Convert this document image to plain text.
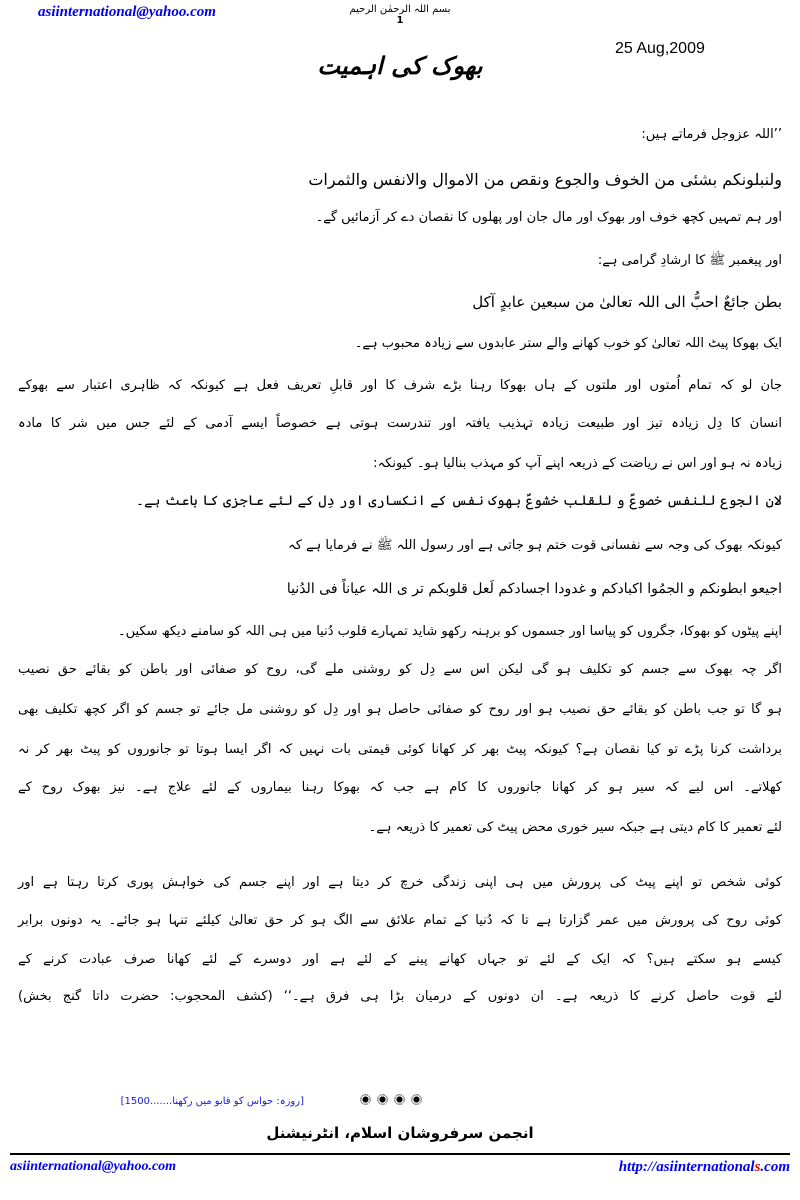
asiinternational@yahoo.com	بسم اللہ الرحمٰن الرحیم
1
25 Aug,2009
بھوک کی اہمیت
’’اللہ عزوجل فرماتے ہیں:
ولنبلونکم بشئی من الخوف والجوع ونقص من الاموال والانفس والثمرات
اور ہم تمہیں کچھ خوف اور بھوک اور مال جان اور پھلوں کا نقصان دے کر آزمائیں گے۔
اور پیغمبر ﷺ کا ارشادِ گرامی ہے:
بطن جائعٌ احبُّ الی اللہ تعالیٰ من سبعین عابدٍ آکل
ایک بھوکا پیٹ اللہ تعالیٰ کو خوب کھانے والے ستر عابدوں سے زیادہ محبوب ہے۔
جان لو کہ تمام اُمتوں اور ملتوں کے ہاں بھوکا رہنا بڑے شرف کا اور قابلِ تعریف فعل ہے کیونکہ کہ ظاہری اعتبار سے بھوکے
انسان کا دِل زیادہ تیز اور طبیعت زیادہ تہذیب یافتہ اور تندرست ہوتی ہے خصوصاً ایسے آدمی کے لئے جس میں شر کا مادہ
زیادہ نہ ہو اور اس نے ریاضت کے ذریعہ اپنے آپ کو مہذب بنالیا ہو۔ کیونکہ:
لان الجوع للنفس خصوعٌ و للقلب خشوعٌ بھوک نفس کے انکساری اور دِل کے لئے عاجزی کا باعث ہے۔
کیونکہ بھوک کی وجہ سے نفسانی قوت ختم ہو جاتی ہے اور رسول اللہ ﷺ نے فرمایا ہے کہ
اجیعو ابطونکم و الجمُوا اکبادکم و غدودا اجسادکم لَعل قلوبکم تر ی اللہ عیاناً فی الدُنیا
اپنے پیٹوں کو بھوکا، جگروں کو پیاسا اور جسموں کو برہنہ رکھو شاید تمہارے قلوب دُنیا میں ہی اللہ کو سامنے دیکھ سکیں۔
اگر چہ بھوک سے جسم کو تکلیف ہو گی لیکن اس سے دِل کو روشنی ملے گی، روح کو صفائی اور باطن کو بقائے حق نصیب
ہو گا تو جب باطن کو بقائے حق نصیب ہو اور روح کو صفائی حاصل ہو اور دِل کو روشنی مل جائے تو جسم کو اگر کچھ تکلیف بھی
برداشت کرنا پڑے تو کیا نقصان ہے؟ کیونکہ پیٹ بھر کر کھانا کوئی قیمتی بات نہیں کہ اگر ایسا ہوتا تو جانوروں کو پیٹ بھر کر نہ
کھلاتے۔ اس لیے کہ سیر ہو کر کھانا جانوروں کا کام ہے جب کہ بھوکا رہنا بیماروں کے لئے علاج ہے۔ نیز بھوک روح کے
لئے تعمیر کا کام دیتی ہے جبکہ سیر خوری محض پیٹ کی تعمیر کا ذریعہ ہے۔
کوئی شخص تو اپنے پیٹ کی پرورش میں ہی اپنی زندگی خرچ کر دیتا ہے اور اپنے جسم کی خواہش پوری کرتا رہتا ہے اور
کوئی روح کی پرورش میں عمر گزارتا ہے تا کہ دُنیا کے تمام علائق سے الگ ہو کر حق تعالیٰ کیلئے تنہا ہو جائے۔ یہ دونوں برابر
کیسے ہو سکتے ہیں؟ کہ ایک کے لئے تو جہاں کھانے پینے کے لئے ہے اور دوسرے کے لئے کھانا صرف عبادت کرنے کے
لئے قوت حاصل کرنے کا ذریعہ ہے۔ ان دونوں کے درمیان بڑا ہی فرق ہے۔‘‘ (کشف المحجوب: حضرت داتا گنج بخش)
[روزہ: حواس کو قابو میں رکھنا.......1500]
انجمن سرفروشان اسلام، انٹرنیشنل
asiinternational@yahoo.com	http://asiinternationals.com
